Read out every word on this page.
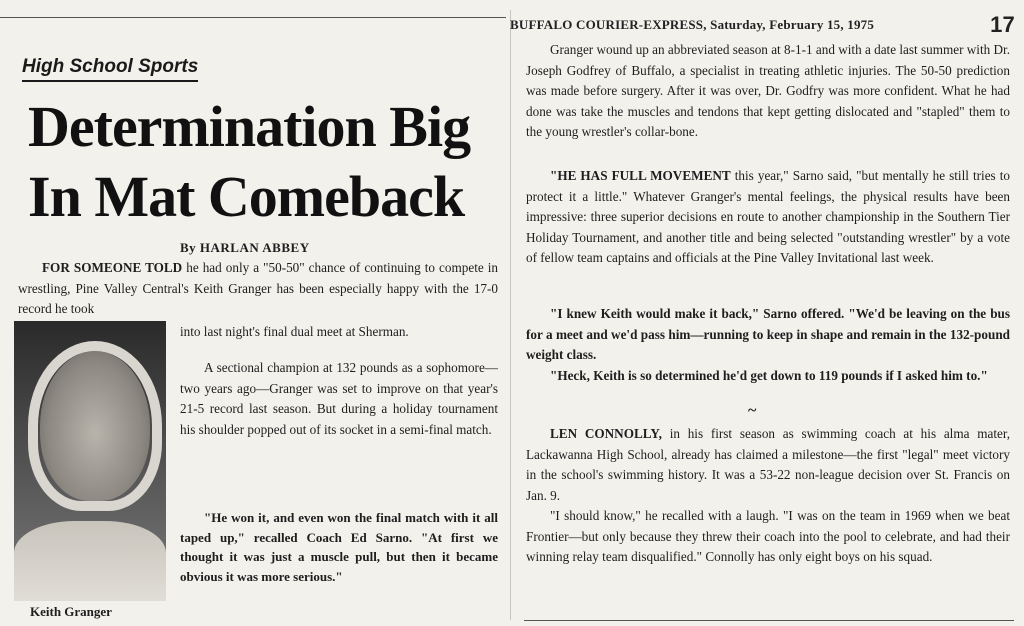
BUFFALO COURIER-EXPRESS, Saturday, February 15, 1975	17
High School Sports
Determination Big
In Mat Comeback
By HARLAN ABBEY
FOR SOMEONE TOLD he had only a "50-50" chance of continuing to compete in wrestling, Pine Valley Central's Keith Granger has been especially happy with the 17-0 record he took
Keith Granger
into last night's final dual meet at Sherman.
A sectional champion at 132 pounds as a sophomore—two years ago—Granger was set to improve on that year's 21-5 record last season. But during a holiday tournament his shoulder popped out of its socket in a semi-final match.
"He won it, and even won the final match with it all taped up," recalled Coach Ed Sarno. "At first we thought it was just a muscle pull, but then it became obvious it was more serious."

Granger wound up an abbreviated season at 8-1-1 and with a date last summer with Dr. Joseph Godfrey of Buffalo, a specialist in treating athletic injuries. The 50-50 prediction was made before surgery. After it was over, Dr. Godfry was more confident. What he had done was take the muscles and tendons that kept getting dislocated and "stapled" them to the young wrestler's collar-bone.

"HE HAS FULL MOVEMENT this year," Sarno said, "but mentally he still tries to protect it a little." Whatever Granger's mental feelings, the physical results have been impressive: three superior decisions en route to another championship in the Southern Tier Holiday Tournament, and another title and being selected "outstanding wrestler" by a vote of fellow team captains and officials at the Pine Valley Invitational last week.

"I knew Keith would make it back," Sarno offered. "We'd be leaving on the bus for a meet and we'd pass him—running to keep in shape and remain in the 132-pound weight class.

"Heck, Keith is so determined he'd get down to 119 pounds if I asked him to."

~

LEN CONNOLLY, in his first season as swimming coach at his alma mater, Lackawanna High School, already has claimed a milestone—the first "legal" meet victory in the school's swimming history. It was a 53-22 non-league decision over St. Francis on Jan. 9.

"I should know," he recalled with a laugh. "I was on the team in 1969 when we beat Frontier—but only because they threw their coach into the pool to celebrate, and had their winning relay team disqualified." Connolly has only eight boys on his squad.
